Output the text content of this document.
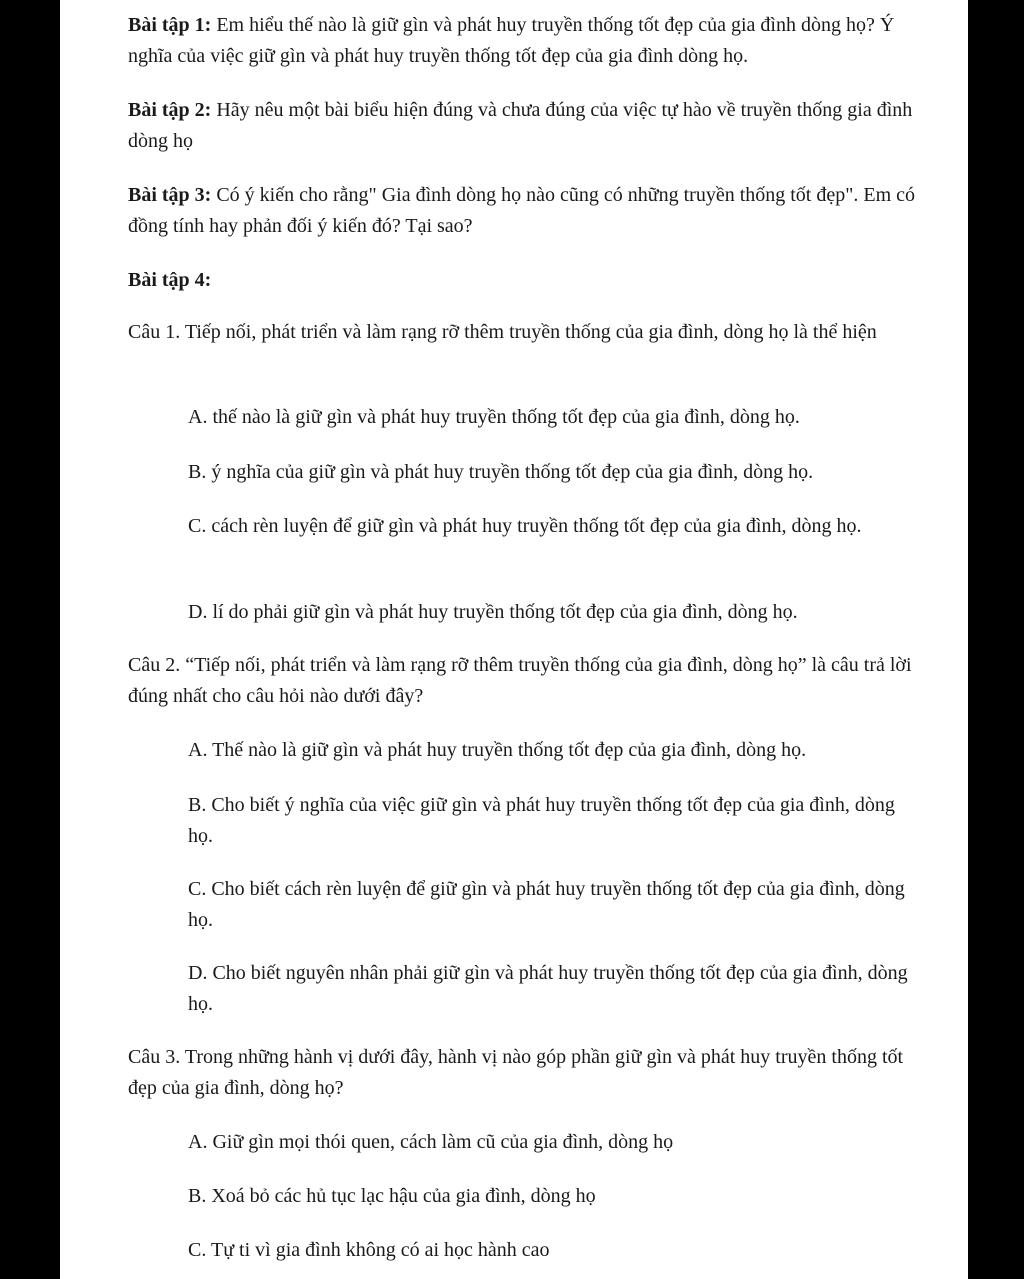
Bài tập 1: Em hiểu thế nào là giữ gìn và phát huy truyền thống tốt đẹp của gia đình dòng họ? Ý nghĩa của việc giữ gìn và phát huy truyền thống tốt đẹp của gia đình dòng họ.

Bài tập 2: Hãy nêu một bài biểu hiện đúng và chưa đúng của việc tự hào về truyền thống gia đình dòng họ

Bài tập 3: Có ý kiến cho rằng" Gia đình dòng họ nào cũng có những truyền thống tốt đẹp". Em có đồng tính hay phản đối ý kiến đó? Tại sao?

Bài tập 4:

Câu 1. Tiếp nối, phát triển và làm rạng rỡ thêm truyền thống của gia đình, dòng họ là thể hiện

A. thế nào là giữ gìn và phát huy truyền thống tốt đẹp của gia đình, dòng họ.

B. ý nghĩa của giữ gìn và phát huy truyền thống tốt đẹp của gia đình, dòng họ.

C. cách rèn luyện để giữ gìn và phát huy truyền thống tốt đẹp của gia đình, dòng họ.

D. lí do phải giữ gìn và phát huy truyền thống tốt đẹp của gia đình, dòng họ.

Câu 2. “Tiếp nối, phát triển và làm rạng rỡ thêm truyền thống của gia đình, dòng họ” là câu trả lời đúng nhất cho câu hỏi nào dưới đây?

A. Thế nào là giữ gìn và phát huy truyền thống tốt đẹp của gia đình, dòng họ.

B. Cho biết ý nghĩa của việc giữ gìn và phát huy truyền thống tốt đẹp của gia đình, dòng họ.

C. Cho biết cách rèn luyện để giữ gìn và phát huy truyền thống tốt đẹp của gia đình, dòng họ.

D. Cho biết nguyên nhân phải giữ gìn và phát huy truyền thống tốt đẹp của gia đình, dòng họ.

Câu 3. Trong những hành vị dưới đây, hành vị nào góp phần giữ gìn và phát huy truyền thống tốt đẹp của gia đình, dòng họ?

A. Giữ gìn mọi thói quen, cách làm cũ của gia đình, dòng họ

B. Xoá bỏ các hủ tục lạc hậu của gia đình, dòng họ

C. Tự ti vì gia đình không có ai học hành cao
